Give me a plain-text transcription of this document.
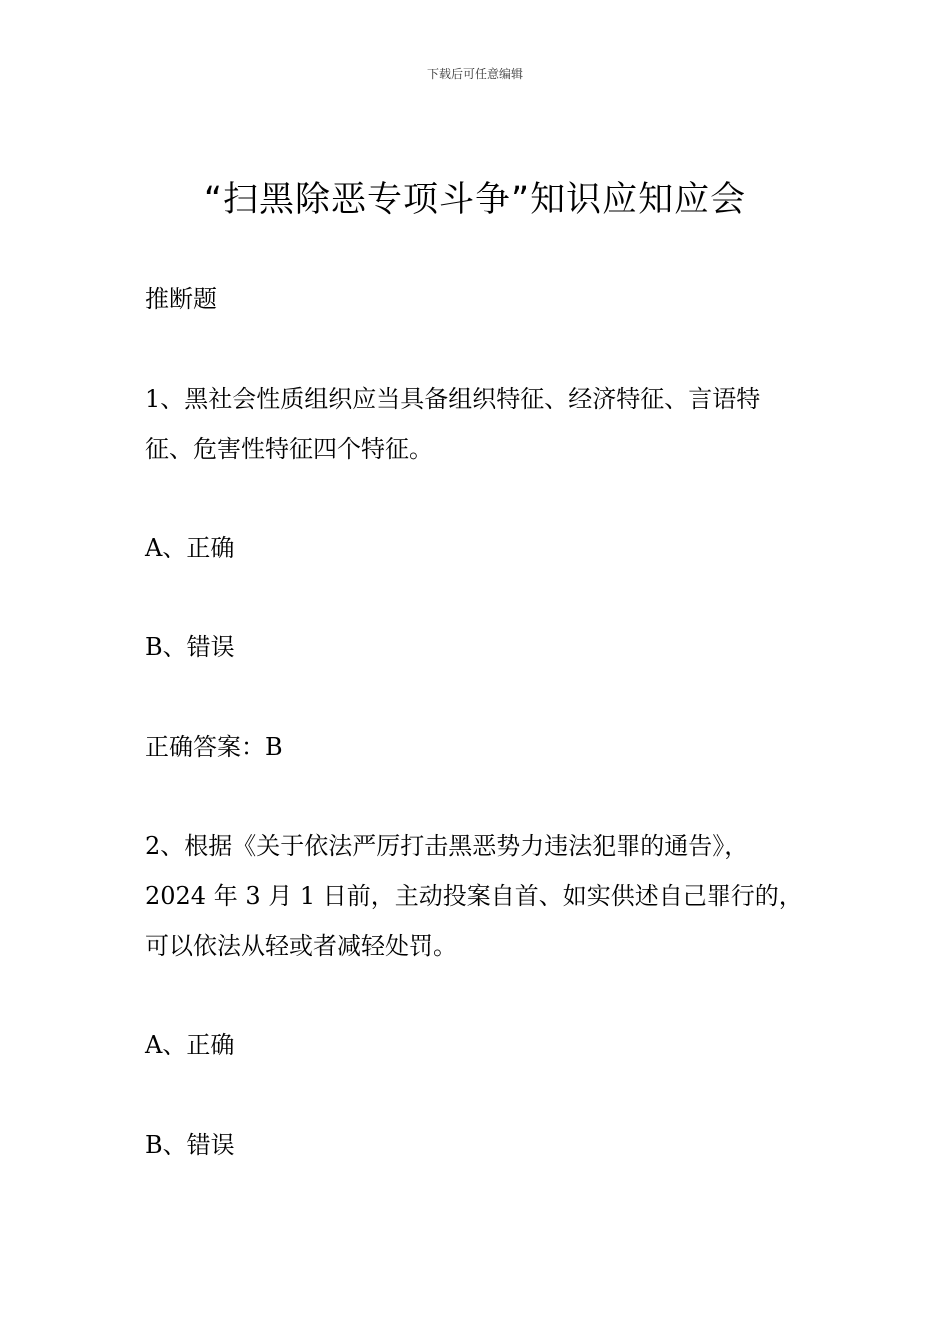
下载后可任意编辑
“扫黑除恶专项斗争”知识应知应会
推断题
1、黑社会性质组织应当具备组织特征、经济特征、言语特
征、危害性特征四个特征。
A、正确
B、错误
正确答案：B
2、根据《关于依法严厉打击黑恶势力违法犯罪的通告》，
2024 年 3 月 1 日前，主动投案自首、如实供述自己罪行的，
可以依法从轻或者减轻处罚。
A、正确
B、错误
